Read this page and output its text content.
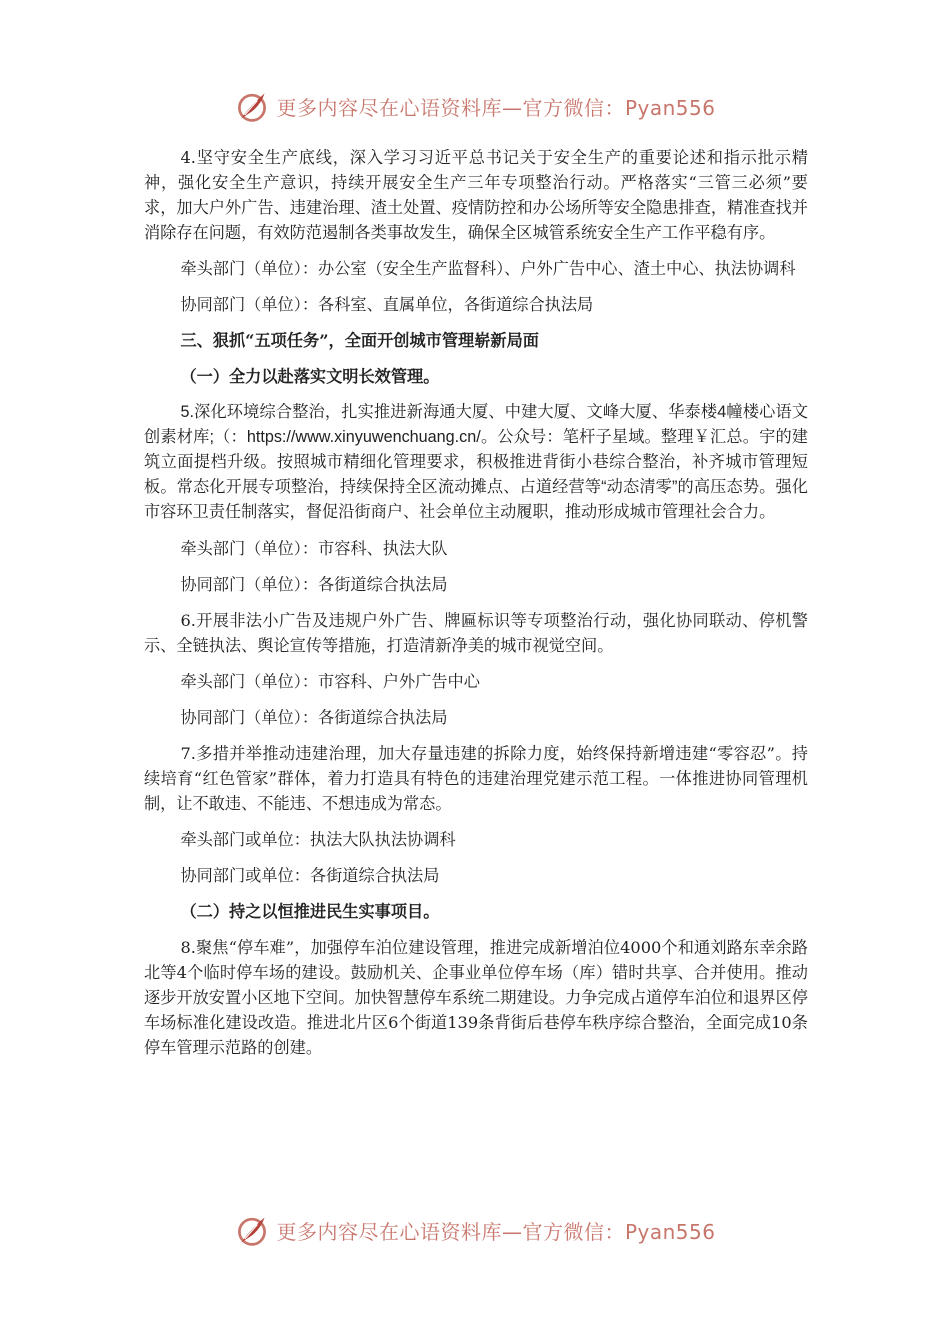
更多内容尽在心语资料库—官方微信：Pyan556

4.坚守安全生产底线，深入学习习近平总书记关于安全生产的重要论述和指示批示精神，强化安全生产意识，持续开展安全生产三年专项整治行动。严格落实“三管三必须”要求，加大户外广告、违建治理、渣土处置、疫情防控和办公场所等安全隐患排查，精准查找并消除存在问题，有效防范遏制各类事故发生，确保全区城管系统安全生产工作平稳有序。

牵头部门（单位）：办公室（安全生产监督科）、户外广告中心、渣土中心、执法协调科

协同部门（单位）：各科室、直属单位，各街道综合执法局

三、狠抓“五项任务”，全面开创城市管理崭新局面

（一）全力以赴落实文明长效管理。

5.深化环境综合整治，扎实推进新海通大厦、中建大厦、文峰大厦、华泰楼4幢楼心语文创素材库;（：https://www.xinyuwenchuang.cn/。公众号：笔杆子星域。整理￥汇总。宇的建筑立面提档升级。按照城市精细化管理要求，积极推进背街小巷综合整治，补齐城市管理短板。常态化开展专项整治，持续保持全区流动摊点、占道经营等“动态清零”的高压态势。强化市容环卫责任制落实，督促沿街商户、社会单位主动履职，推动形成城市管理社会合力。

牵头部门（单位）：市容科、执法大队

协同部门（单位）：各街道综合执法局

6.开展非法小广告及违规户外广告、牌匾标识等专项整治行动，强化协同联动、停机警示、全链执法、舆论宣传等措施，打造清新净美的城市视觉空间。

牵头部门（单位）：市容科、户外广告中心

协同部门（单位）：各街道综合执法局

7.多措并举推动违建治理，加大存量违建的拆除力度，始终保持新增违建“零容忍”。持续培育“红色管家”群体，着力打造具有特色的违建治理党建示范工程。一体推进协同管理机制，让不敢违、不能违、不想违成为常态。

牵头部门或单位：执法大队执法协调科

协同部门或单位：各街道综合执法局

（二）持之以恒推进民生实事项目。

8.聚焦“停车难”，加强停车泊位建设管理，推进完成新增泊位4000个和通刘路东幸余路北等4个临时停车场的建设。鼓励机关、企事业单位停车场（库）错时共享、合并使用。推动逐步开放安置小区地下空间。加快智慧停车系统二期建设。力争完成占道停车泊位和退界区停车场标准化建设改造。推进北片区6个街道139条背街后巷停车秩序综合整治，全面完成10条停车管理示范路的创建。

更多内容尽在心语资料库—官方微信：Pyan556
